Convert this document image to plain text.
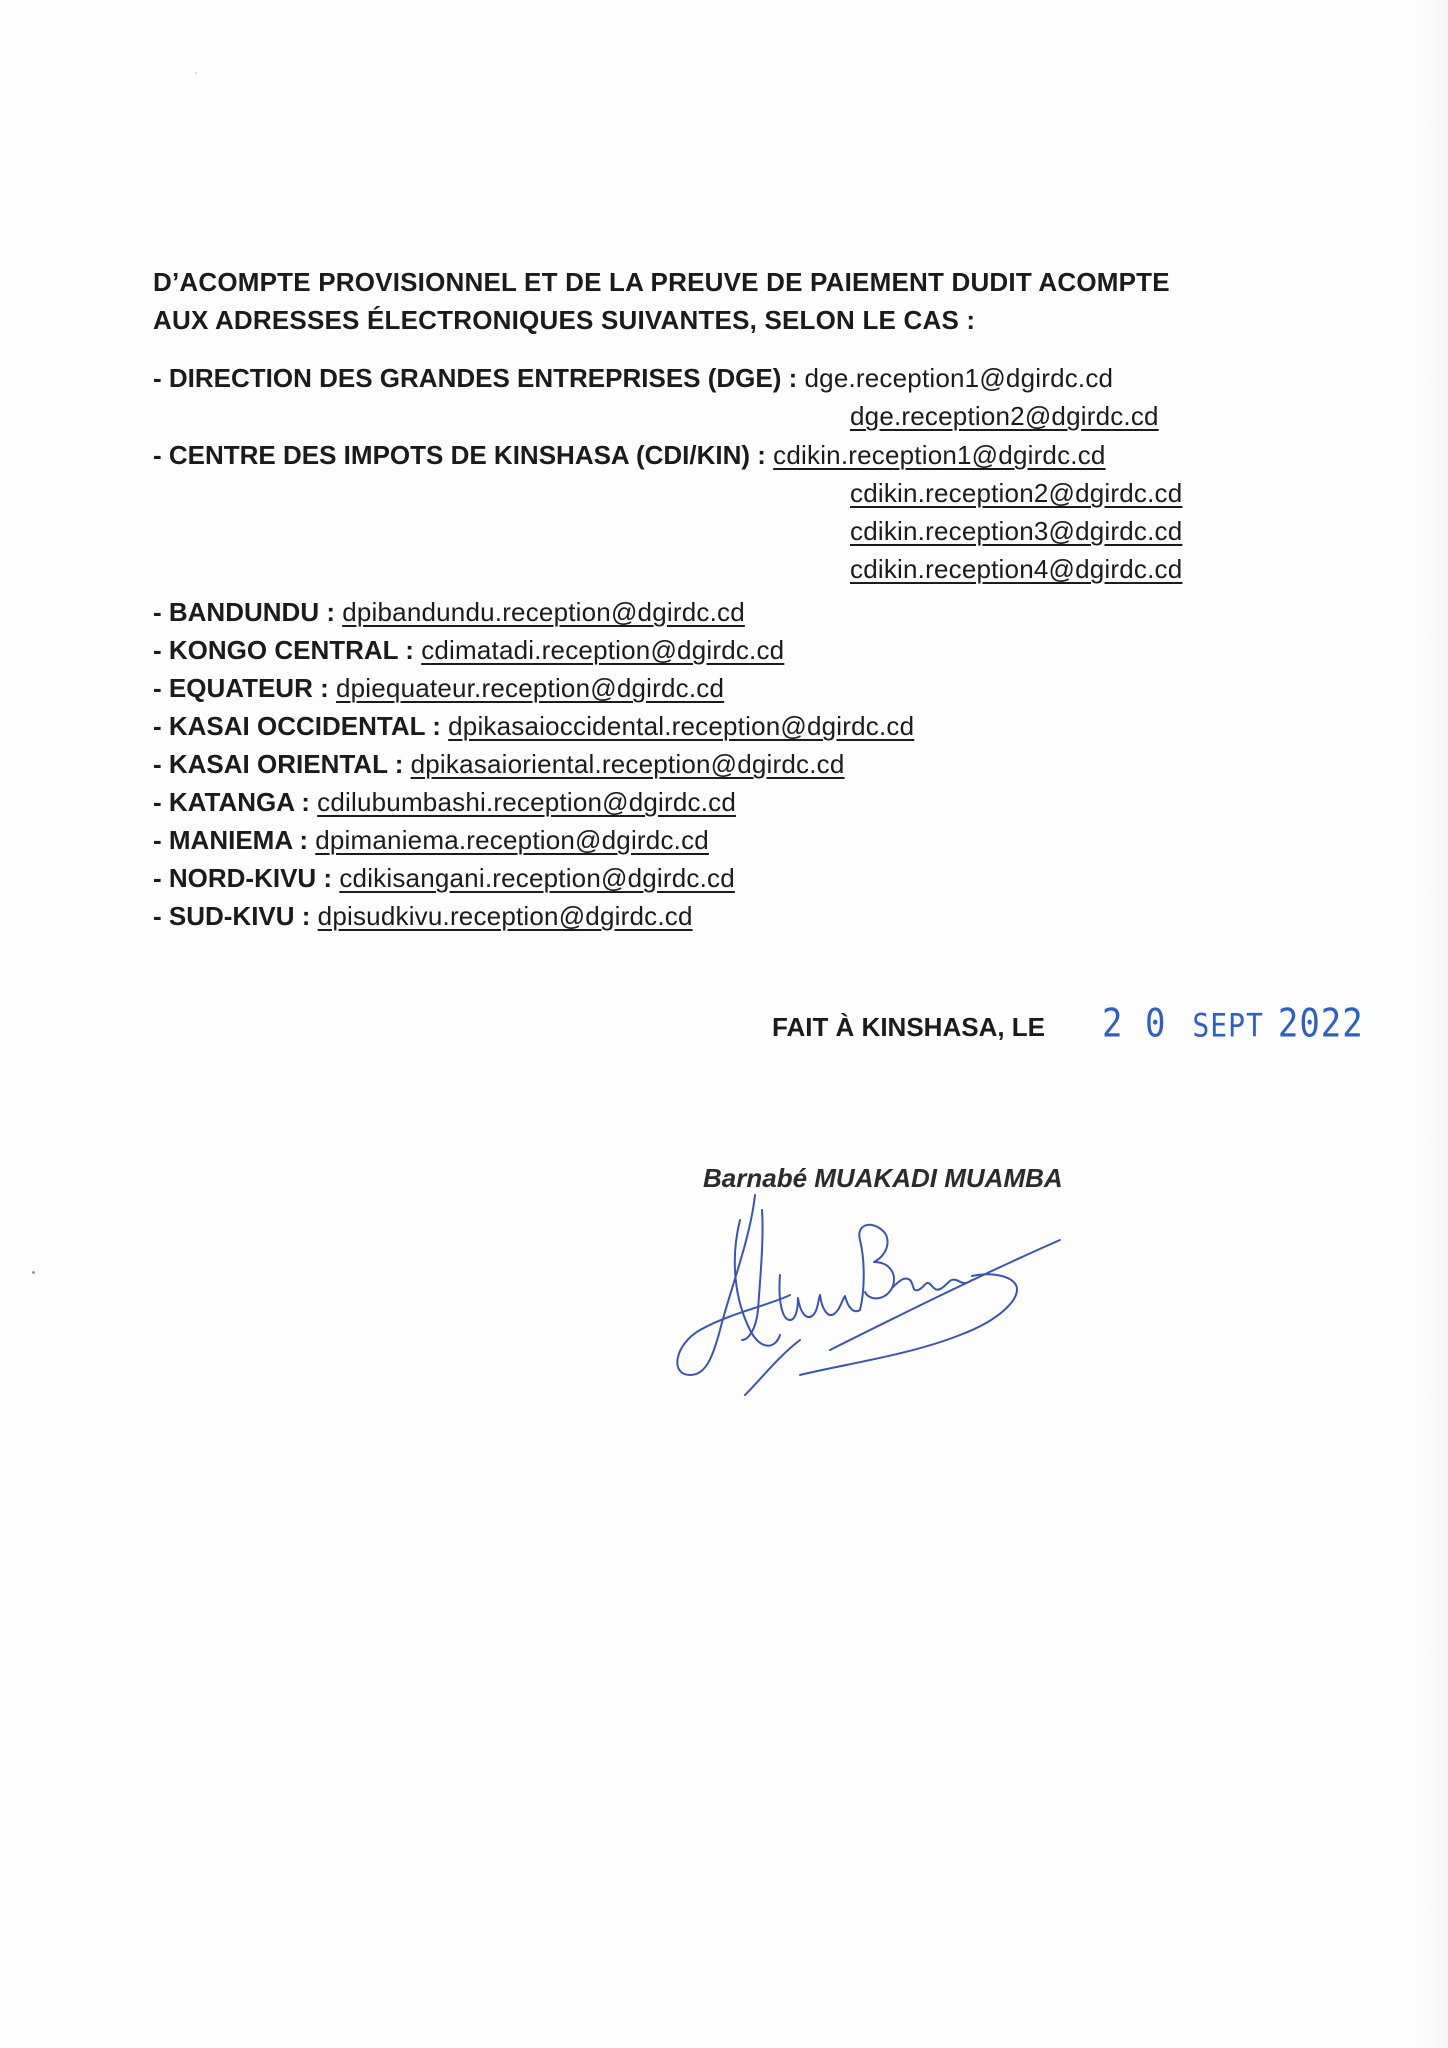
D’ACOMPTE PROVISIONNEL ET DE LA PREUVE DE PAIEMENT DUDIT ACOMPTE
AUX ADRESSES ÉLECTRONIQUES SUIVANTES, SELON LE CAS :
- DIRECTION DES GRANDES ENTREPRISES (DGE) : dge.reception1@dgirdc.cd
dge.reception2@dgirdc.cd
- CENTRE DES IMPOTS DE KINSHASA (CDI/KIN) : cdikin.reception1@dgirdc.cd
cdikin.reception2@dgirdc.cd
cdikin.reception3@dgirdc.cd
cdikin.reception4@dgirdc.cd
- BANDUNDU : dpibandundu.reception@dgirdc.cd
- KONGO CENTRAL : cdimatadi.reception@dgirdc.cd
- EQUATEUR : dpiequateur.reception@dgirdc.cd
- KASAI OCCIDENTAL : dpikasaioccidental.reception@dgirdc.cd
- KASAI ORIENTAL : dpikasaioriental.reception@dgirdc.cd
- KATANGA : cdilubumbashi.reception@dgirdc.cd
- MANIEMA : dpimaniema.reception@dgirdc.cd
- NORD-KIVU : cdikisangani.reception@dgirdc.cd
- SUD-KIVU : dpisudkivu.reception@dgirdc.cd
FAIT À KINSHASA, LE 2 0 SEPT 2022
Barnabé MUAKADI MUAMBA
